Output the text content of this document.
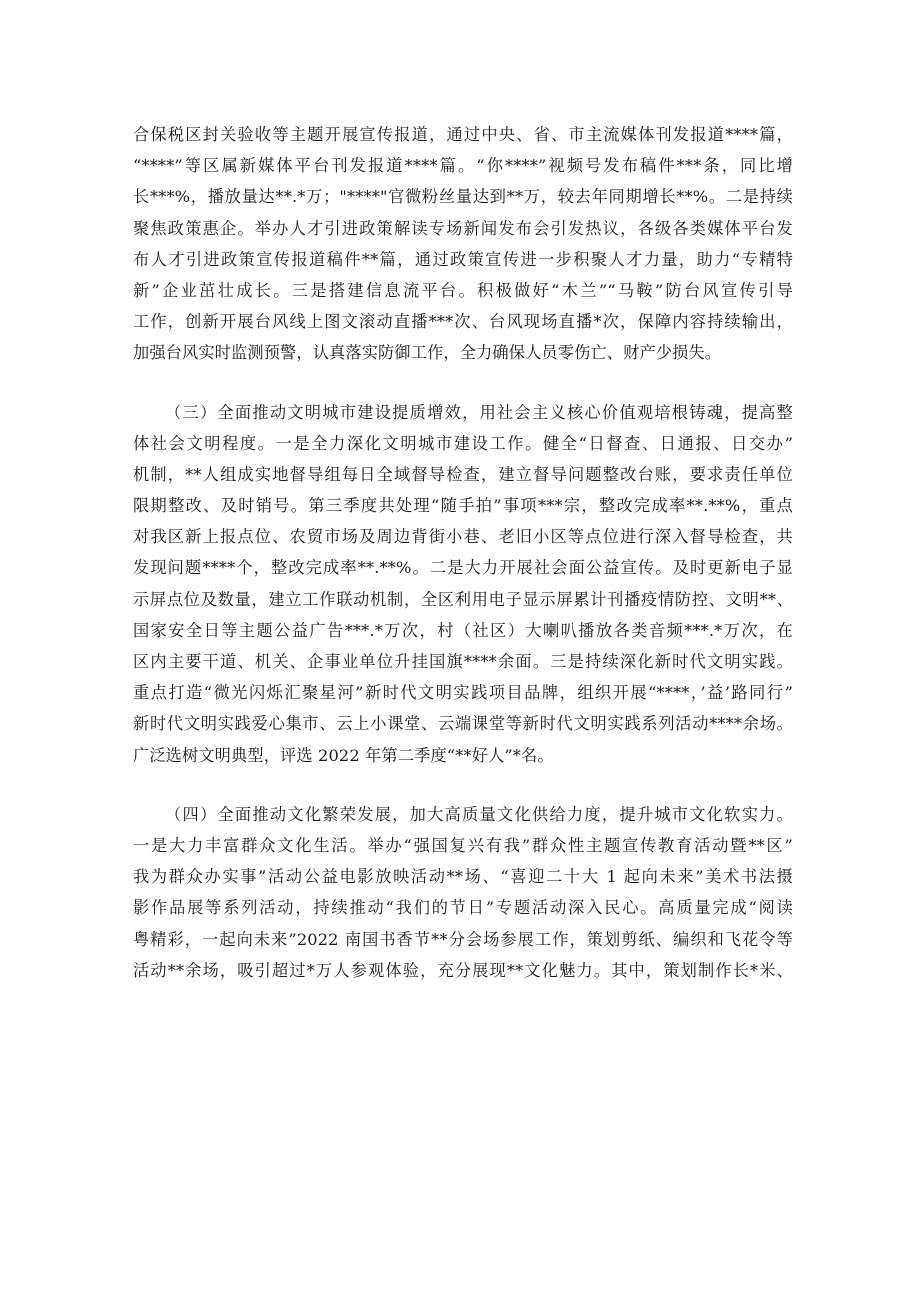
合保税区封关验收等主题开展宣传报道，通过中央、省、市主流媒体刊发报道****篇，
“****”等区属新媒体平台刊发报道****篇。“你****”视频号发布稿件***条，同比增
长***%，播放量达**.*万；"****"官微粉丝量达到**万，较去年同期增长**%。二是持续
聚焦政策惠企。举办人才引进政策解读专场新闻发布会引发热议，各级各类媒体平台发
布人才引进政策宣传报道稿件**篇，通过政策宣传进一步积聚人才力量，助力“专精特
新”企业茁壮成长。三是搭建信息流平台。积极做好“木兰”“马鞍”防台风宣传引导
工作，创新开展台风线上图文滚动直播***次、台风现场直播*次，保障内容持续输出，
加强台风实时监测预警，认真落实防御工作，全力确保人员零伤亡、财产少损失。
（三）全面推动文明城市建设提质增效，用社会主义核心价值观培根铸魂，提高整
体社会文明程度。一是全力深化文明城市建设工作。健全“日督查、日通报、日交办”
机制，**人组成实地督导组每日全域督导检查，建立督导问题整改台账，要求责任单位
限期整改、及时销号。第三季度共处理“随手拍”事项***宗，整改完成率**.**%，重点
对我区新上报点位、农贸市场及周边背街小巷、老旧小区等点位进行深入督导检查，共
发现问题****个，整改完成率**.**%。二是大力开展社会面公益宣传。及时更新电子显
示屏点位及数量，建立工作联动机制，全区利用电子显示屏累计刊播疫情防控、文明**、
国家安全日等主题公益广告***.*万次，村（社区）大喇叭播放各类音频***.*万次，在
区内主要干道、机关、企事业单位升挂国旗****余面。三是持续深化新时代文明实践。
重点打造“微光闪烁汇聚星河”新时代文明实践项目品牌，组织开展“****，’益’路同行”
新时代文明实践爱心集市、云上小课堂、云端课堂等新时代文明实践系列活动****余场。
广泛选树文明典型，评选 2022 年第二季度“**好人”*名。
（四）全面推动文化繁荣发展，加大高质量文化供给力度，提升城市文化软实力。
一是大力丰富群众文化生活。举办“强国复兴有我”群众性主题宣传教育活动暨**区”
我为群众办实事”活动公益电影放映活动**场、“喜迎二十大 1 起向未来”美术书法摄
影作品展等系列活动，持续推动“我们的节日”专题活动深入民心。高质量完成“阅读
粤精彩，一起向未来”2022 南国书香节**分会场参展工作，策划剪纸、编织和飞花令等
活动**余场，吸引超过*万人参观体验，充分展现**文化魅力。其中，策划制作长*米、
